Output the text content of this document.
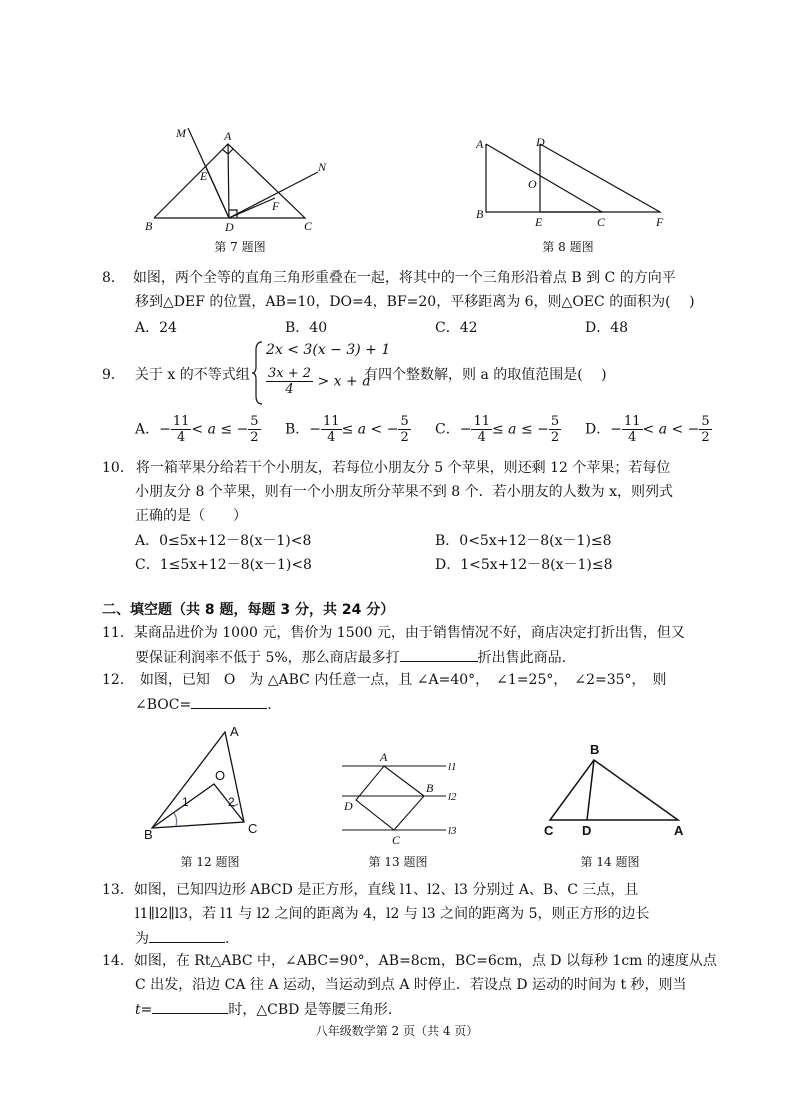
M	A
N
E
F
B	D	C
第 7 题图
A	D
O
B
E	C	F
第 8 题图
8． 如图，两个全等的直角三角形重叠在一起，将其中的一个三角形沿着点 B 到 C 的方向平
移到△DEF 的位置，AB=10，DO=4，BF=20，平移距离为 6，则△OEC 的面积为(　 )
A．24	B．40	C．42	D．48
9． 关于 x 的不等式组
2x < 3(x − 3) + 1
$\frac{3x + 2}{4} > x + a$
有四个整数解，则 a 的取值范围是(　 )
A．− $\frac{11}{4} < a$ ≤ − $\frac{5}{2}$ B．− $\frac{11}{4} \le a$ < − $\frac{5}{2}$ C．− $\frac{11}{4} \le a$ ≤ − $\frac{5}{2}$ D．− $\frac{11}{4} < a$ < − $\frac{5}{2}$
10． 将一箱苹果分给若干个小朋友，若每位小朋友分 5 个苹果，则还剩 12 个苹果；若每位
小朋友分 8 个苹果，则有一个小朋友所分苹果不到 8 个．若小朋友的人数为 x，则列式
正确的是（　　）
A．0≤5x+12－8(x－1)<8	B．0<5x+12－8(x－1)≤8
C．1≤5x+12－8(x－1)<8	D．1<5x+12－8(x－1)≤8
二、填空题（共 8 题，每题 3 分，共 24 分）
11．某商品进价为 1000 元，售价为 1500 元，由于销售情况不好，商店决定打折出售，但又
要保证利润率不低于 5%，那么商店最多打	折出售此商品.
12． 如图，已知　O　为 △ABC 内任意一点，且 ∠A=40°，　∠1=25°，　∠2=35°，　则
∠BOC=	.
A
O
1	2
B	C
第 12 题图
A
B
C
D
l1
l2
l3
第 13 题图
B
C D	A
第 14 题图
13．如图，已知四边形 ABCD 是正方形，直线 l1、l2、l3 分别过 A、B、C 三点，且
l1∥l2∥l3，若 l1 与 l2 之间的距离为 4，l2 与 l3 之间的距离为 5，则正方形的边长
为	.
14．如图，在 Rt△ABC 中，∠ABC=90°，AB=8cm，BC=6cm，点 D 以每秒 1cm 的速度从点
C 出发，沿边 CA 往 A 运动，当运动到点 A 时停止．若设点 D 运动的时间为 t 秒，则当
t=	时，△CBD 是等腰三角形.
八年级数学第 2 页（共 4 页）
